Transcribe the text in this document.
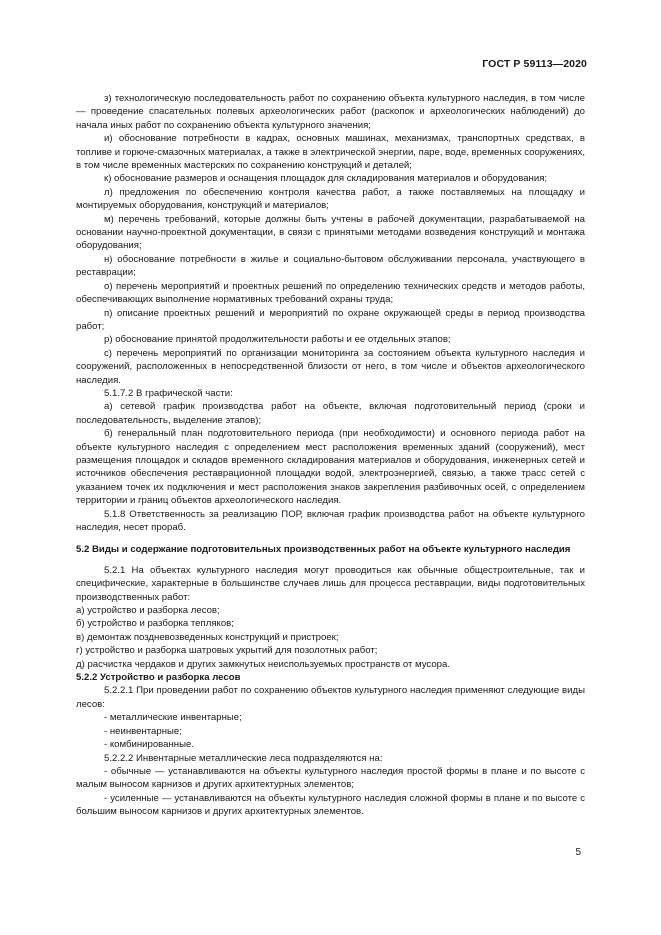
ГОСТ Р 59113—2020

з) технологическую последовательность работ по сохранению объекта культурного наследия, в том числе — проведение спасательных полевых археологических работ (раскопок и археологических наблюдений) до начала иных работ по сохранению объекта культурного значения;

и) обоснование потребности в кадрах, основных машинах, механизмах, транспортных средствах, в топливе и горюче-смазочных материалах, а также в электрической энергии, паре, воде, временных сооружениях, в том числе временных мастерских по сохранению конструкций и деталей;

к) обоснование размеров и оснащения площадок для складирования материалов и оборудования;

л) предложения по обеспечению контроля качества работ, а также поставляемых на площадку и монтируемых оборудования, конструкций и материалов;

м) перечень требований, которые должны быть учтены в рабочей документации, разрабатываемой на основании научно-проектной документации, в связи с принятыми методами возведения конструкций и монтажа оборудования;

н) обоснование потребности в жилье и социально-бытовом обслуживании персонала, участвующего в реставрации;

о) перечень мероприятий и проектных решений по определению технических средств и методов работы, обеспечивающих выполнение нормативных требований охраны труда;

п) описание проектных решений и мероприятий по охране окружающей среды в период производства работ;

р) обоснование принятой продолжительности работы и ее отдельных этапов;

с) перечень мероприятий по организации мониторинга за состоянием объекта культурного наследия и сооружений, расположенных в непосредственной близости от него, в том числе и объектов археологического наследия.

5.1.7.2 В графической части:

а) сетевой график производства работ на объекте, включая подготовительный период (сроки и последовательность, выделение этапов);

б) генеральный план подготовительного периода (при необходимости) и основного периода работ на объекте культурного наследия с определением мест расположения временных зданий (сооружений), мест размещения площадок и складов временного складирования материалов и оборудования, инженерных сетей и источников обеспечения реставрационной площадки водой, электроэнергией, связью, а также трасс сетей с указанием точек их подключения и мест расположения знаков закрепления разбивочных осей, с определением территории и границ объектов археологического наследия.

5.1.8 Ответственность за реализацию ПОР, включая график производства работ на объекте культурного наследия, несет прораб.

5.2 Виды и содержание подготовительных производственных работ на объекте культурного наследия

5.2.1 На объектах культурного наследия могут проводиться как обычные общестроительные, так и специфические, характерные в большинстве случаев лишь для процесса реставрации, виды подготовительных производственных работ:

а) устройство и разборка лесов;

б) устройство и разборка тепляков;

в) демонтаж поздневозведенных конструкций и пристроек;

г) устройство и разборка шатровых укрытий для позолотных работ;

д) расчистка чердаков и других замкнутых неиспользуемых пространств от мусора.

5.2.2 Устройство и разборка лесов

5.2.2.1 При проведении работ по сохранению объектов культурного наследия применяют следующие виды лесов:

- металлические инвентарные;

- неинвентарные;

- комбинированные.

5.2.2.2 Инвентарные металлические леса подразделяются на:

- обычные — устанавливаются на объекты культурного наследия простой формы в плане и по высоте с малым выносом карнизов и других архитектурных элементов;

- усиленные — устанавливаются на объекты культурного наследия сложной формы в плане и по высоте с большим выносом карнизов и других архитектурных элементов.

5
